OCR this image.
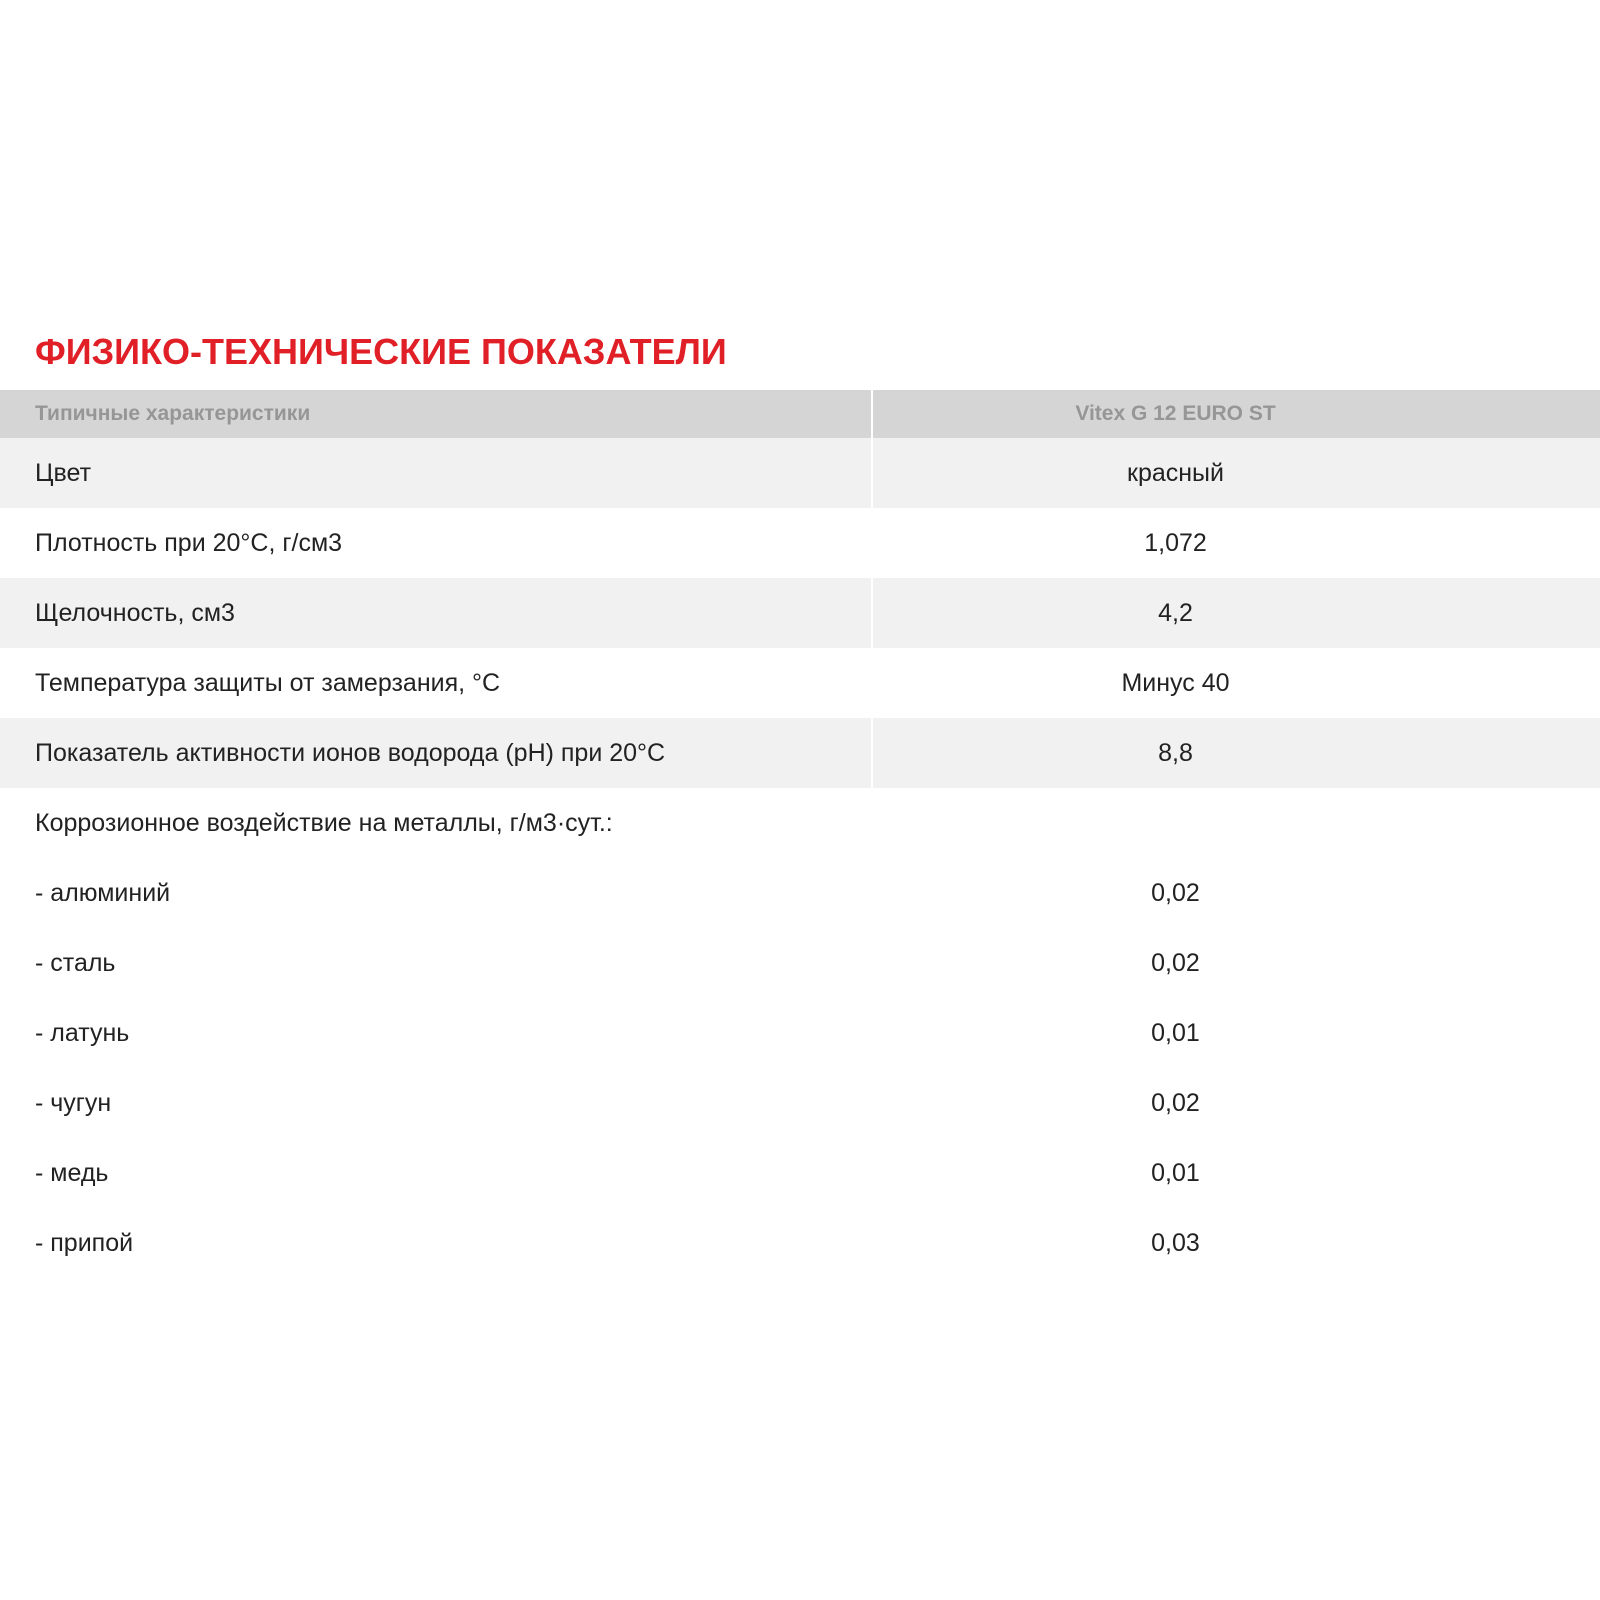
ФИЗИКО-ТЕХНИЧЕСКИЕ ПОКАЗАТЕЛИ
Типичные характеристики	Vitex G 12 EURO ST
Цвет	красный
Плотность при 20°С, г/см3	1,072
Щелочность, см3	4,2
Температура защиты от замерзания, °С	Минус 40
Показатель активности ионов водорода (pH) при 20°С	8,8
Коррозионное воздействие на металлы, г/м3·сут.:
- алюминий	0,02
- сталь	0,02
- латунь	0,01
- чугун	0,02
- медь	0,01
- припой	0,03
